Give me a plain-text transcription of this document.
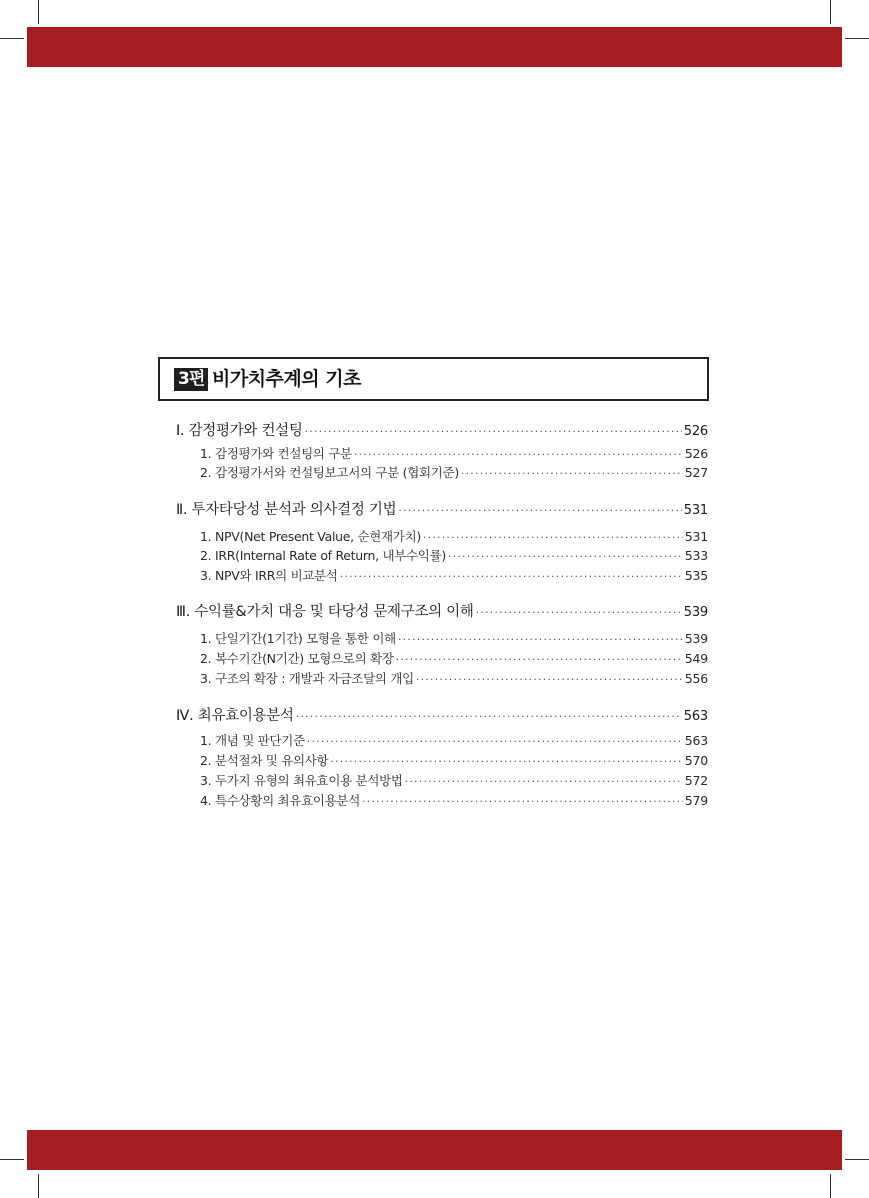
3편 비가치추계의 기초
Ⅰ. 감정평가와 컨설팅 ·····	526
1. 감정평가와 컨설팅의 구분 ·····	526
2. 감정평가서와 컨설팅보고서의 구분 (협회기준) ·····	527
Ⅱ. 투자타당성 분석과 의사결정 기법 ·····	531
1. NPV(Net Present Value, 순현재가치) ·····	531
2. IRR(Internal Rate of Return, 내부수익률) ·····	533
3. NPV와 IRR의 비교분석 ·····	535
Ⅲ. 수익률&가치 대응 및 타당성 문제구조의 이해 ·····	539
1. 단일기간(1기간) 모형을 통한 이해 ·····	539
2. 복수기간(N기간) 모형으로의 확장 ·····	549
3. 구조의 확장 : 개발과 자금조달의 개입 ·····	556
Ⅳ. 최유효이용분석 ·····	563
1. 개념 및 판단기준 ·····	563
2. 분석절차 및 유의사항 ·····	570
3. 두가지 유형의 최유효이용 분석방법 ·····	572
4. 특수상황의 최유효이용분석 ·····	579
